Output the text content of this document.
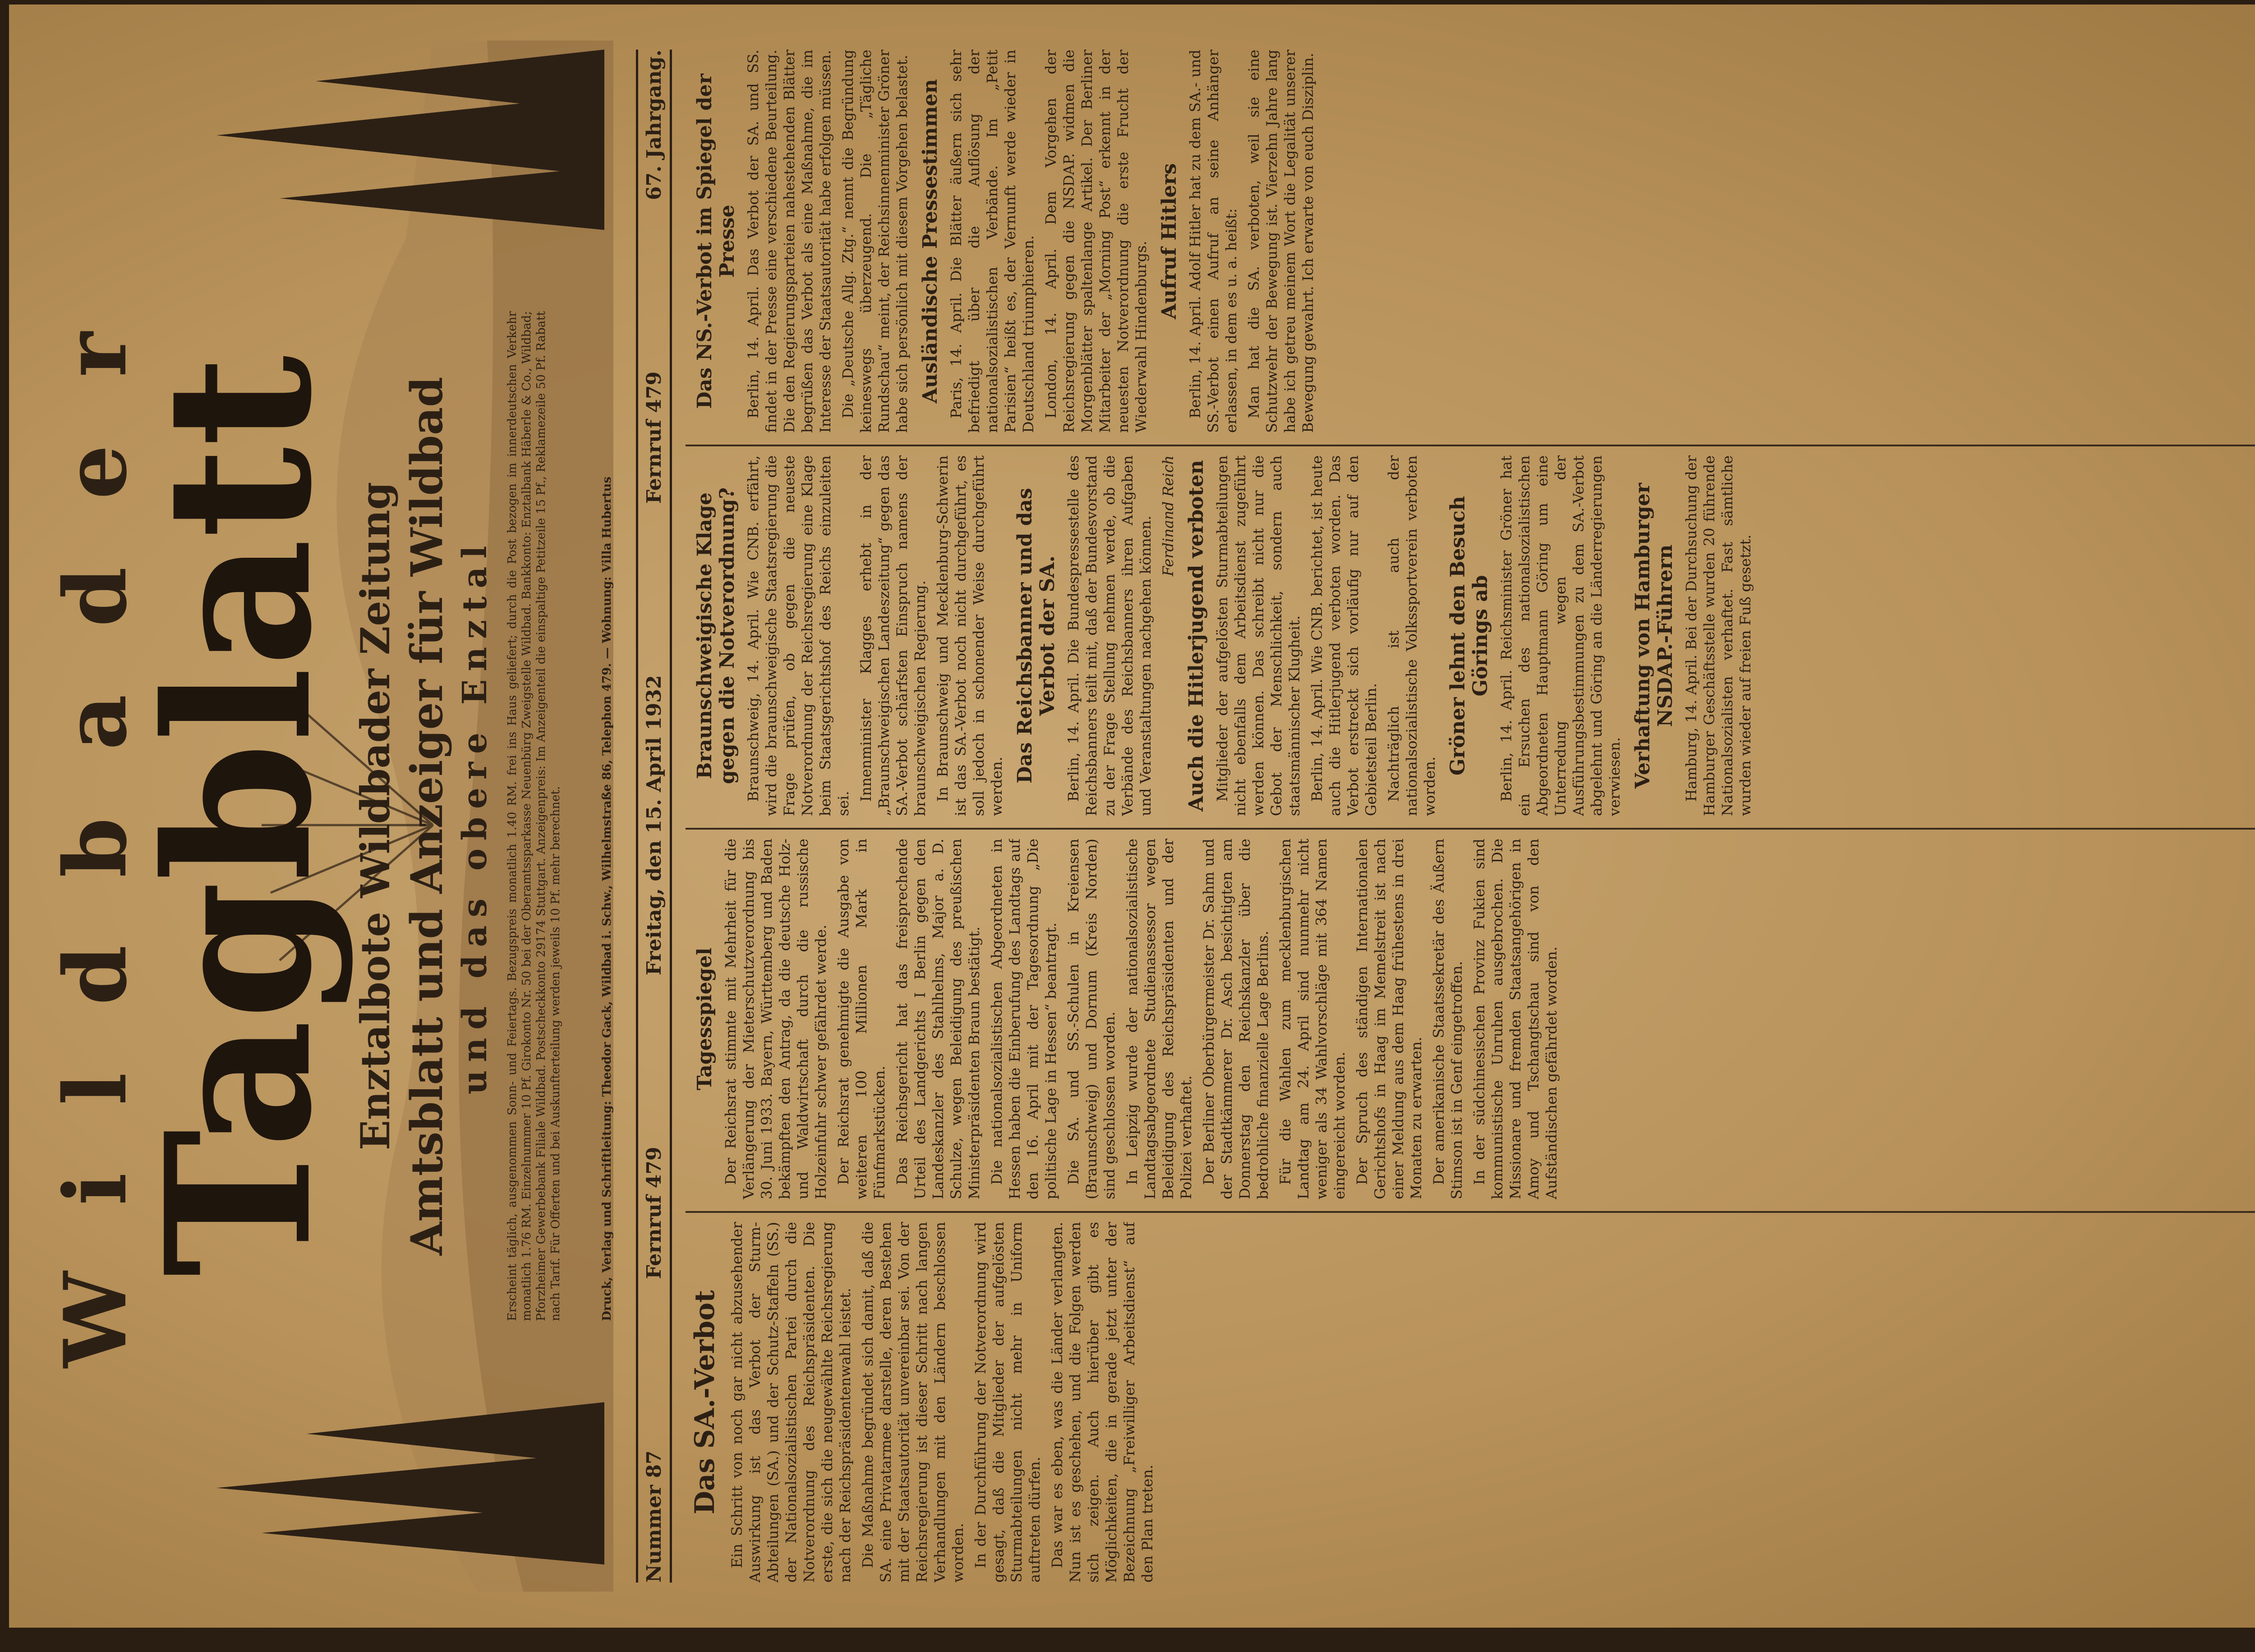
Wildbader
Tagblatt
Enztalbote Wildbader Zeitung Amtsblatt und Anzeiger für Wildbad und das obere Enztal Erscheint täglich, ausgenommen Sonn- und Feiertags. Bezugspreis monatlich 1.40 RM. frei ins Haus geliefert; durch die Post bezogen im innerdeutschen Verkehr monatlich 1.76 RM. Einzelnummer 10 Pf. Girokonto Nr. 50 bei der Oberamtssparkasse Neuenbürg Zweigstelle Wildbad. Bankkonto: Enztalbank Häberle & Co., Wildbad; Pforzheimer Gewerbebank Filiale Wildbad. Postscheckkonto 29174 Stuttgart. Anzeigenpreis: Im Anzeigenteil die einspaltige Petitzeile 15 Pf., Reklamezeile 50 Pf. Rabatt nach Tarif. Für Offerten und bei Auskunfterteilung werden jeweils 10 Pf. mehr berechnet.	Druck, Verlag und Schriftleitung: Theodor Gack, Wildbad i. Schw., Wilhelmstraße 86, Telephon 479. — Wohnung: Villa Hubertus
Nummer 87
Fernruf 479
Freitag, den 15. April 1932
Fernruf 479
67. Jahrgang.
Das SA.-Verbot Ein Schritt von noch gar nicht abzusehender Auswirkung ist das Verbot der Sturm-Abteilungen (SA.) und der Schutz-Staffeln (SS.) der Nationalsozialistischen Partei durch die Notverordnung des Reichspräsidenten. Die erste, die sich die neugewählte Reichsregierung nach der Reichspräsidentenwahl leistet. Die Maßnahme begründet sich damit, daß die SA. eine Privatarmee darstelle, deren Bestehen mit der Staatsautorität unvereinbar sei. Von der Reichsregierung ist dieser Schritt nach langen Verhandlungen mit den Ländern beschlossen worden. In der Durchführung der Notverordnung wird gesagt, daß die Mitglieder der aufgelösten Sturmabteilungen nicht mehr in Uniform auftreten dürfen. Das war es eben, was die Länder verlangten. Nun ist es geschehen, und die Folgen werden sich zeigen. Auch hierüber gibt es Möglichkeiten, die in gerade jetzt unter der Bezeichnung „Freiwilliger Arbeitsdienst“ auf den Plan treten.

Tagesspiegel Der Reichsrat stimmte mit Mehrheit für die Verlängerung der Mieterschutzverordnung bis 30. Juni 1933. Bayern, Württemberg und Baden bekämpften den Antrag, da die deutsche Holz- und Waldwirtschaft durch die russische Holzeinfuhr schwer gefährdet werde. Der Reichsrat genehmigte die Ausgabe von weiteren 100 Millionen Mark in Fünfmarkstücken. Das Reichsgericht hat das freisprechende Urteil des Landgerichts I Berlin gegen den Landeskanzler des Stahlhelms, Major a. D. Schulze, wegen Beleidigung des preußischen Ministerpräsidenten Braun bestätigt. Die nationalsozialistischen Abgeordneten in Hessen haben die Einberufung des Landtags auf den 16. April mit der Tagesordnung „Die politische Lage in Hessen“ beantragt. Die SA. und SS.-Schulen in Kreiensen (Braunschweig) und Dornum (Kreis Norden) sind geschlossen worden. In Leipzig wurde der nationalsozialistische Landtagsabgeordnete Studienassessor wegen Beleidigung des Reichspräsidenten und der Polizei verhaftet. Der Berliner Oberbürgermeister Dr. Sahm und der Stadtkämmerer Dr. Asch besichtigten am Donnerstag den Reichskanzler über die bedrohliche finanzielle Lage Berlins. Für die Wahlen zum mecklenburgischen Landtag am 24. April sind nunmehr nicht weniger als 34 Wahlvorschläge mit 364 Namen eingereicht worden. Der Spruch des ständigen Internationalen Gerichtshofs in Haag im Memelstreit ist nach einer Meldung aus dem Haag frühestens in drei Monaten zu erwarten. Der amerikanische Staatssekretär des Äußern Stimson ist in Genf eingetroffen. In der südchinesischen Provinz Fukien sind kommunistische Unruhen ausgebrochen. Die Missionare und fremden Staatsangehörigen in Amoy und Tschangtschau sind von den Aufständischen gefährdet worden.

Braunschweigische Klage gegen die Notverordnung? Braunschweig, 14. April. Wie CNB. erfährt, wird die braunschweigische Staatsregierung die Frage prüfen, ob gegen die neueste Notverordnung der Reichsregierung eine Klage beim Staatsgerichtshof des Reichs einzuleiten sei.

Innenminister Klagges erhebt in der „Braunschweigischen Landeszeitung“ gegen das SA.-Verbot schärfsten Einspruch namens der braunschweigischen Regierung. In Braunschweig und Mecklenburg-Schwerin ist das SA.-Verbot noch nicht durchgeführt, es soll jedoch in schonender Weise durchgeführt werden.

Das Reichsbanner und das Verbot der SA. Berlin, 14. April. Die Bundespressestelle des Reichsbanners teilt mit, daß der Bundesvorstand zu der Frage Stellung nehmen werde, ob die Verbände des Reichsbanners ihren Aufgaben und Veranstaltungen nachgehen können. Ferdinand Reich Auch die Hitlerjugend verboten Mitglieder der aufgelösten Sturmabteilungen nicht ebenfalls dem Arbeitsdienst zugeführt werden können. Das schreibt nicht nur die Gebot der Menschlichkeit, sondern auch staatsmännischer Klugheit. Berlin, 14. April. Wie CNB. berichtet, ist heute auch die Hitlerjugend verboten worden. Das Verbot erstreckt sich vorläufig nur auf den Gebietsteil Berlin. Nachträglich ist auch der nationalsozialistische Volkssportverein verboten worden.

Gröner lehnt den Besuch Görings ab Berlin, 14. April. Reichsminister Gröner hat ein Ersuchen des nationalsozialistischen Abgeordneten Hauptmann Göring um eine Unterredung wegen der Ausführungsbestimmungen zu dem SA.-Verbot abgelehnt und Göring an die Länderregierungen verwiesen. Verhaftung von Hamburger NSDAP.-Führern Hamburg, 14. April. Bei der Durchsuchung der Hamburger Geschäftsstelle wurden 20 führende Nationalsozialisten verhaftet. Fast sämtliche wurden wieder auf freien Fuß gesetzt.

Das NS.-Verbot im Spiegel der Presse Berlin, 14. April. Das Verbot der SA. und SS. findet in der Presse eine verschiedene Beurteilung. Die den Regierungsparteien nahestehenden Blätter begrüßen das Verbot als eine Maßnahme, die im Interesse der Staatsautorität habe erfolgen müssen. Die „Deutsche Allg. Ztg.“ nennt die Begründung keineswegs überzeugend. Die „Tägliche Rundschau“ meint, der Reichsinnenminister Gröner habe sich persönlich mit diesem Vorgehen belastet. Ausländische Pressestimmen Paris, 14. April. Die Blätter äußern sich sehr befriedigt über die Auflösung der nationalsozialistischen Verbände. Im „Petit Parisien“ heißt es, der Vernunft werde wieder in Deutschland triumphieren. London, 14. April. Dem Vorgehen der Reichsregierung gegen die NSDAP. widmen die Morgenblätter spaltenlange Artikel. Der Berliner Mitarbeiter der „Morning Post“ erkennt in der neuesten Notverordnung die erste Frucht der Wiederwahl Hindenburgs. Aufruf Hitlers Berlin, 14. April. Adolf Hitler hat zu dem SA.- und SS.-Verbot einen Aufruf an seine Anhänger erlassen, in dem es u. a. heißt: Man hat die SA. verboten, weil sie eine Schutzwehr der Bewegung ist. Vierzehn Jahre lang habe ich getreu meinem Wort die Legalität unserer Bewegung gewahrt. Ich erwarte von euch Disziplin.
